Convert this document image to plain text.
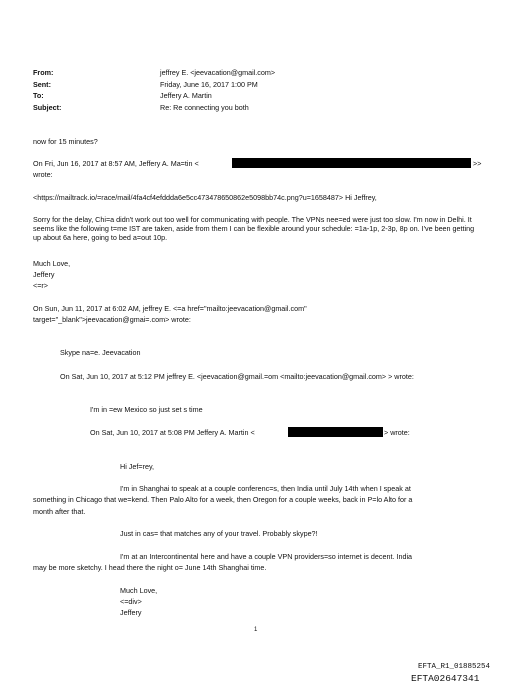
From:
Sent:
To:
Subject:
jeffrey E. <jeevacation@gmail.com>
Friday, June 16, 2017 1:00 PM
Jeffery A. Martin
Re: Re connecting you both
now for 15 minutes?
On Fri, Jun 16, 2017 at 8:57 AM, Jeffery A. Ma=tin <	>>
wrote:
<https://mailtrack.io/=race/mail/4fa4cf4efddda6e5cc473478650862e5098bb74c.png?u=1658487> Hi Jeffrey,
Sorry for the delay, Chi=a didn't work out too well for communicating with people. The VPNs nee=ed were just too slow. I'm now in Delhi. It seems like the following t=me IST are taken, aside from them I can be flexible around your schedule: =1a-1p, 2-3p, 8p on. I've been getting up about 6a here, going to bed a=out 10p.
Much Love,
Jeffery
<=r>
On Sun, Jun 11, 2017 at 6:02 AM, jeffrey E. <=a href="mailto:jeevacation@gmail.com"
target="_blank">jeevacation@gmai=.com> wrote:
Skype na=e. Jeevacation
On Sat, Jun 10, 2017 at 5:12 PM jeffrey E. <jeevacation@gmail.=om <mailto:jeevacation@gmail.com> > wrote:
I'm in =ew Mexico so just set s time
On Sat, Jun 10, 2017 at 5:08 PM Jeffery A. Martin <	> wrote:
Hi Jef=rey,
I'm in Shanghai to speak at a couple conferenc=s, then India until July 14th when I speak at
something in Chicago that we=kend. Then Palo Alto for a week, then Oregon for a couple weeks, back in P=lo Alto for a
month after that.
Just in cas= that matches any of your travel. Probably skype?!
I'm at an Intercontinental here and have a couple VPN providers=so internet is decent. India
may be more sketchy. I head there the night o= June 14th Shanghai time.
Much Love,
<=div>
Jeffery
1
EFTA_R1_01885254
EFTA02647341
